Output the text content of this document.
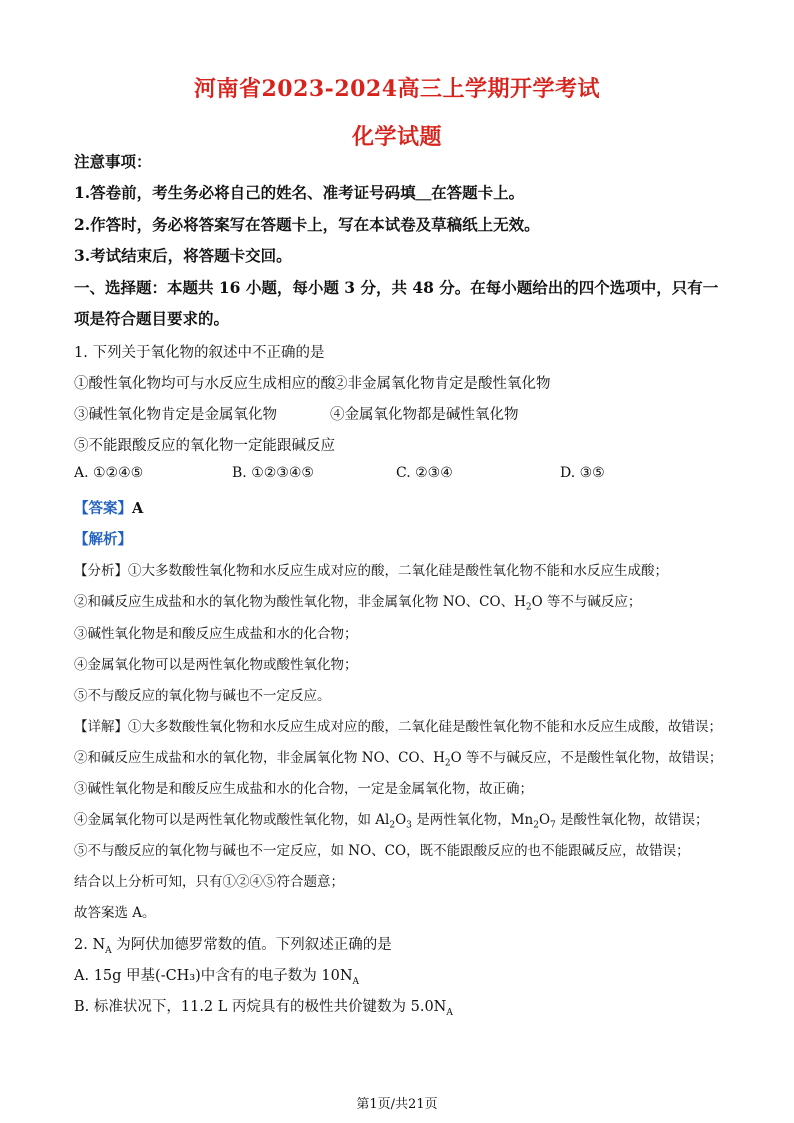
河南省2023-2024高三上学期开学考试
化学试题
注意事项：
1.答卷前，考生务必将自己的姓名、准考证号码填＿在答题卡上。
2.作答时，务必将答案写在答题卡上，写在本试卷及草稿纸上无效。
3.考试结束后，将答题卡交回。
一、选择题：本题共 16 小题，每小题 3 分，共 48 分。在每小题给出的四个选项中，只有一
项是符合题目要求的。
1. 下列关于氧化物的叙述中不正确的是
①酸性氧化物均可与水反应生成相应的酸
②非金属氧化物肯定是酸性氧化物
③碱性氧化物肯定是金属氧化物	④金属氧化物都是碱性氧化物
⑤不能跟酸反应的氧化物一定能跟碱反应
A. ①②④⑤	B. ①②③④⑤	C. ②③④	D. ③⑤
【答案】A
【解析】
【分析】①大多数酸性氧化物和水反应生成对应的酸，二氧化硅是酸性氧化物不能和水反应生成酸；
②和碱反应生成盐和水的氧化物为酸性氧化物，非金属氧化物 NO、CO、$H_2O$ 等不与碱反应；
③碱性氧化物是和酸反应生成盐和水的化合物；
④金属氧化物可以是两性氧化物或酸性氧化物；
⑤不与酸反应的氧化物与碱也不一定反应。
【详解】①大多数酸性氧化物和水反应生成对应的酸，二氧化硅是酸性氧化物不能和水反应生成酸，故错误；
②和碱反应生成盐和水的氧化物，非金属氧化物 NO、CO、$H_2O$ 等不与碱反应，不是酸性氧化物，故错误；
③碱性氧化物是和酸反应生成盐和水的化合物，一定是金属氧化物，故正确；
④金属氧化物可以是两性氧化物或酸性氧化物，如 $Al_2O_3$ 是两性氧化物，$Mn_2O_7$ 是酸性氧化物，故错误；
⑤不与酸反应的氧化物与碱也不一定反应，如 NO、CO，既不能跟酸反应的也不能跟碱反应，故错误；
结合以上分析可知，只有①②④⑤符合题意；
故答案选 A。
2. $N_A$ 为阿伏加德罗常数的值。下列叙述正确的是
A. 15g 甲基(-CH₃)中含有的电子数为 $10N_A$
B. 标准状况下，11.2 L 丙烷具有的极性共价键数为 $5.0N_A$
第1页/共21页
